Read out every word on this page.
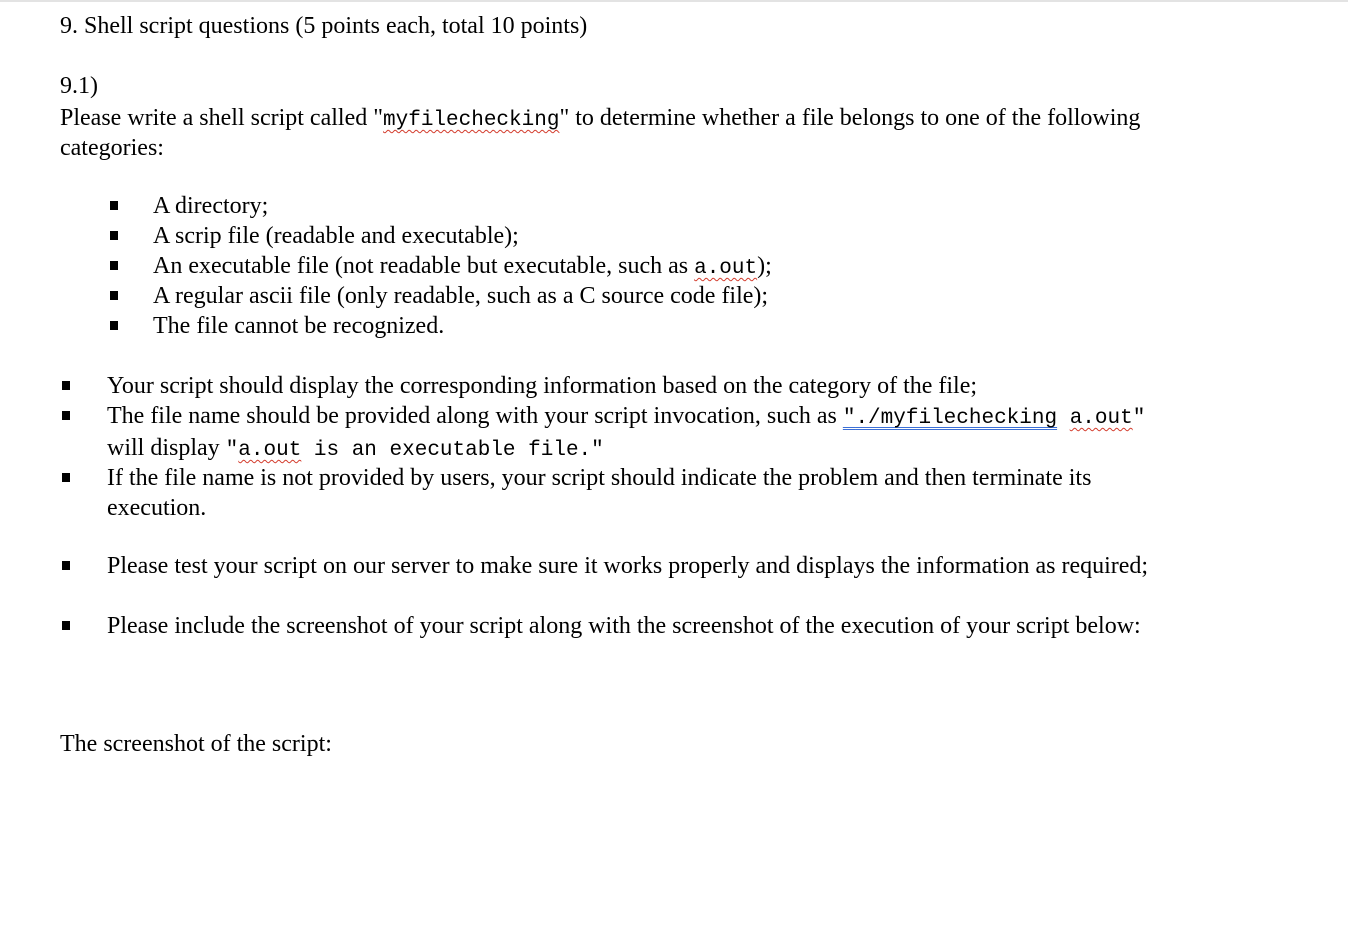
9. Shell script questions (5 points each, total 10 points)
9.1)
Please write a shell script called "myfilechecking" to determine whether a file belongs to one of the following
categories:
A directory;
A scrip file (readable and executable);
An executable file (not readable but executable, such as a.out);
A regular ascii file (only readable, such as a C source code file);
The file cannot be recognized.
Your script should display the corresponding information based on the category of the file;
The file name should be provided along with your script invocation, such as "./myfilechecking a.out"
will display "a.out is an executable file."
If the file name is not provided by users, your script should indicate the problem and then terminate its
execution.
Please test your script on our server to make sure it works properly and displays the information as required;
Please include the screenshot of your script along with the screenshot of the execution of your script below:
The screenshot of the script:
